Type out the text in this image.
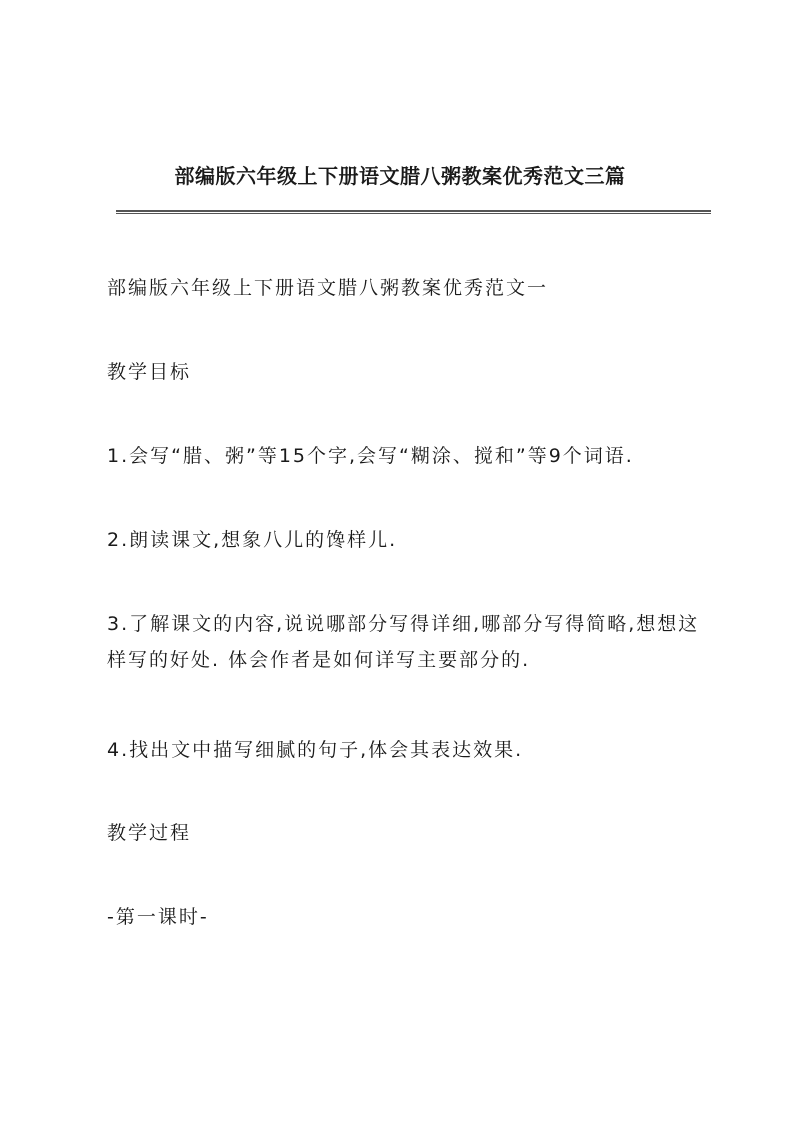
部编版六年级上下册语文腊八粥教案优秀范文三篇
部编版六年级上下册语文腊八粥教案优秀范文一
教学目标
1.会写“腊、粥”等15个字,会写“糊涂、搅和”等9个词语.
2.朗读课文,想象八儿的馋样儿.
3.了解课文的内容,说说哪部分写得详细,哪部分写得简略,想想这样写的好处. 体会作者是如何详写主要部分的.
4.找出文中描写细腻的句子,体会其表达效果.
教学过程
-第一课时-
